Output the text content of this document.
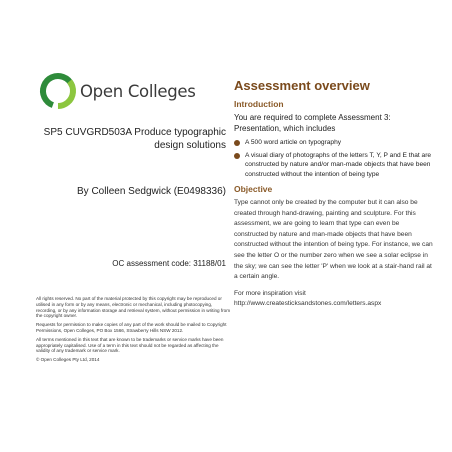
Open Colleges
SP5 CUVGRD503A Produce typographic design solutions
By Colleen Sedgwick (E0498336)
OC assessment code: 31188/01

All rights reserved. No part of the material protected by this copyright may be reproduced or utilised in any form or by any means, electronic or mechanical, including photocopying, recording, or by any information storage and retrieval system, without permission in writing from the copyright owner.

Requests for permission to make copies of any part of the work should be mailed to Copyright Permissions, Open Colleges, PO Box 1566, Strawberry Hills NSW 2012.

All terms mentioned in this text that are known to be trademarks or service marks have been appropriately capitalised. Use of a term in this text should not be regarded as affecting the validity of any trademark or service mark.

© Open Colleges Pty Ltd, 2014

Assessment overview
Introduction

You are required to complete Assessment 3: Presentation, which includes

A 500 word article on typography
A visual diary of photographs of the letters T, Y, P and E that are constructed by nature and/or man-made objects that have been constructed without the intention of being type
Objective

Type cannot only be created by the computer but it can also be created through hand-drawing, painting and sculpture. For this assessment, we are going to learn that type can even be constructed by nature and man-made objects that have been constructed without the intention of being type. For instance, we can see the letter O or the number zero when we see a solar eclipse in the sky; we can see the letter 'P' when we look at a stair-hand rail at a certain angle.

For more inspiration visit

http://www.createsticksandstones.com/letters.aspx
